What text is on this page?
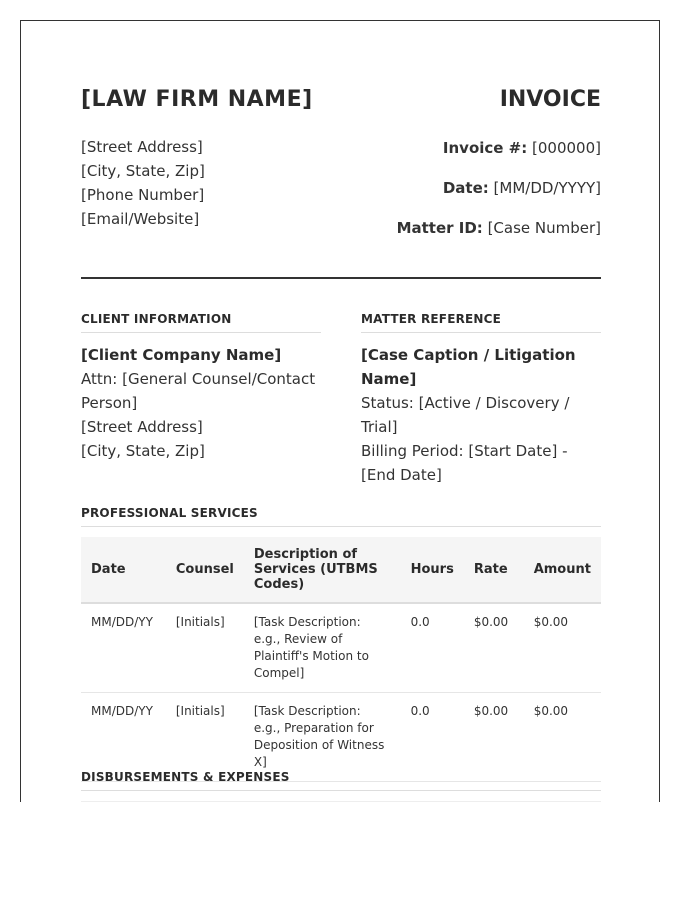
[LAW FIRM NAME]	INVOICE
[Street Address]
[City, State, Zip]
[Phone Number]
[Email/Website]
Invoice #: [000000]
Date: [MM/DD/YYYY]
Matter ID: [Case Number]
CLIENT INFORMATION
[Client Company Name]
Attn: [General Counsel/Contact Person]
[Street Address]
[City, State, Zip]
MATTER REFERENCE
[Case Caption / Litigation Name]
Status: [Active / Discovery / Trial]
Billing Period: [Start Date] - [End Date]
PROFESSIONAL SERVICES
Date	Counsel	Description of Services (UTBMS Codes)	Hours	Rate	Amount
MM/DD/YY	[Initials]	[Task Description: e.g., Review of Plaintiff's Motion to Compel]	0.0	$0.00	$0.00
MM/DD/YY	[Initials]	[Task Description: e.g., Preparation for Deposition of Witness X]	0.0	$0.00	$0.00
DISBURSEMENTS & EXPENSES
